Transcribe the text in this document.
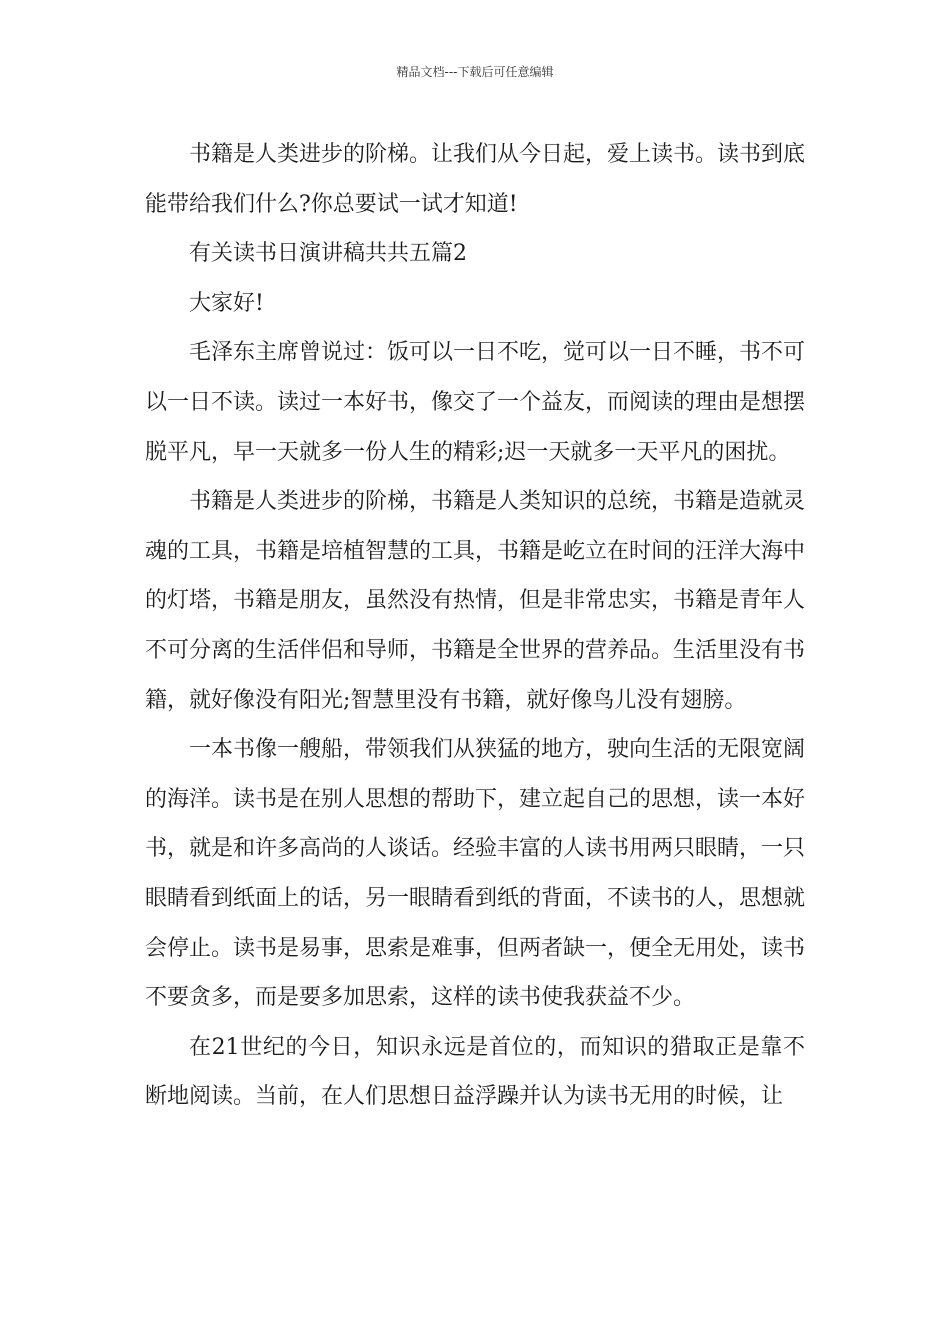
精品文档---下载后可任意编辑

书籍是人类进步的阶梯。让我们从今日起，爱上读书。读书到底能带给我们什么?你总要试一试才知道!

有关读书日演讲稿共共五篇2

大家好!

毛泽东主席曾说过：饭可以一日不吃，觉可以一日不睡，书不可以一日不读。读过一本好书，像交了一个益友，而阅读的理由是想摆脱平凡，早一天就多一份人生的精彩;迟一天就多一天平凡的困扰。

书籍是人类进步的阶梯，书籍是人类知识的总统，书籍是造就灵魂的工具，书籍是培植智慧的工具，书籍是屹立在时间的汪洋大海中的灯塔，书籍是朋友，虽然没有热情，但是非常忠实，书籍是青年人不可分离的生活伴侣和导师，书籍是全世界的营养品。生活里没有书籍，就好像没有阳光;智慧里没有书籍，就好像鸟儿没有翅膀。

一本书像一艘船，带领我们从狭猛的地方，驶向生活的无限宽阔的海洋。读书是在别人思想的帮助下，建立起自己的思想，读一本好书，就是和许多高尚的人谈话。经验丰富的人读书用两只眼睛，一只眼睛看到纸面上的话，另一眼睛看到纸的背面，不读书的人，思想就会停止。读书是易事，思索是难事，但两者缺一，便全无用处，读书不要贪多，而是要多加思索，这样的读书使我获益不少。

在21世纪的今日，知识永远是首位的，而知识的猎取正是靠不断地阅读。当前，在人们思想日益浮躁并认为读书无用的时候，让
